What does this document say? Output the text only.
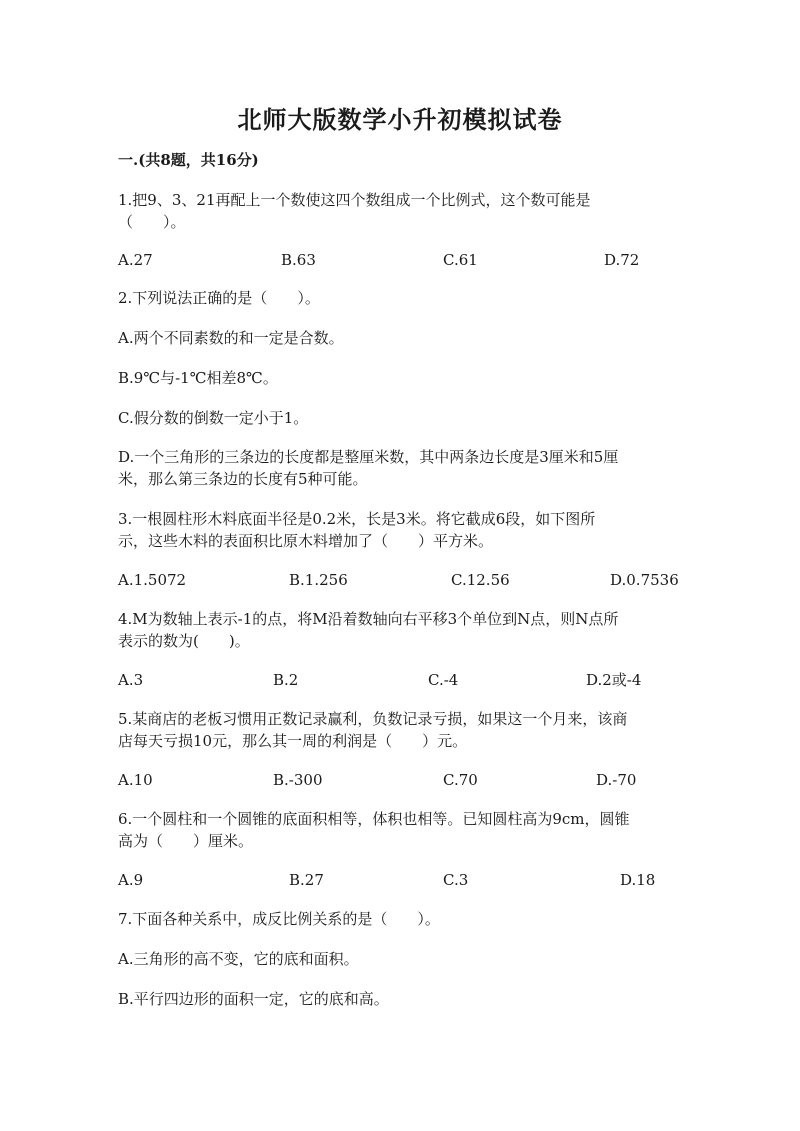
北师大版数学小升初模拟试卷
一.(共8题，共16分)
1.把9、3、21再配上一个数使这四个数组成一个比例式，这个数可能是
（　　）。
A.27	B.63	C.61	D.72
2.下列说法正确的是（　　）。
A.两个不同素数的和一定是合数。
B.9℃与-1℃相差8℃。
C.假分数的倒数一定小于1。
D.一个三角形的三条边的长度都是整厘米数，其中两条边长度是3厘米和5厘
米，那么第三条边的长度有5种可能。
3.一根圆柱形木料底面半径是0.2米，长是3米。将它截成6段，如下图所
示，这些木料的表面积比原木料增加了（　　）平方米。
A.1.5072	B.1.256	C.12.56	D.0.7536
4.M为数轴上表示-1的点，将M沿着数轴向右平移3个单位到N点，则N点所
表示的数为(　　)。
A.3	B.2	C.-4	D.2或-4
5.某商店的老板习惯用正数记录赢利，负数记录亏损，如果这一个月来，该商
店每天亏损10元，那么其一周的利润是（　　）元。
A.10	B.-300	C.70	D.-70
6.一个圆柱和一个圆锥的底面积相等，体积也相等。已知圆柱高为9cm，圆锥
高为（　　）厘米。
A.9	B.27	C.3	D.18
7.下面各种关系中，成反比例关系的是（　　）。
A.三角形的高不变，它的底和面积。
B.平行四边形的面积一定，它的底和高。
